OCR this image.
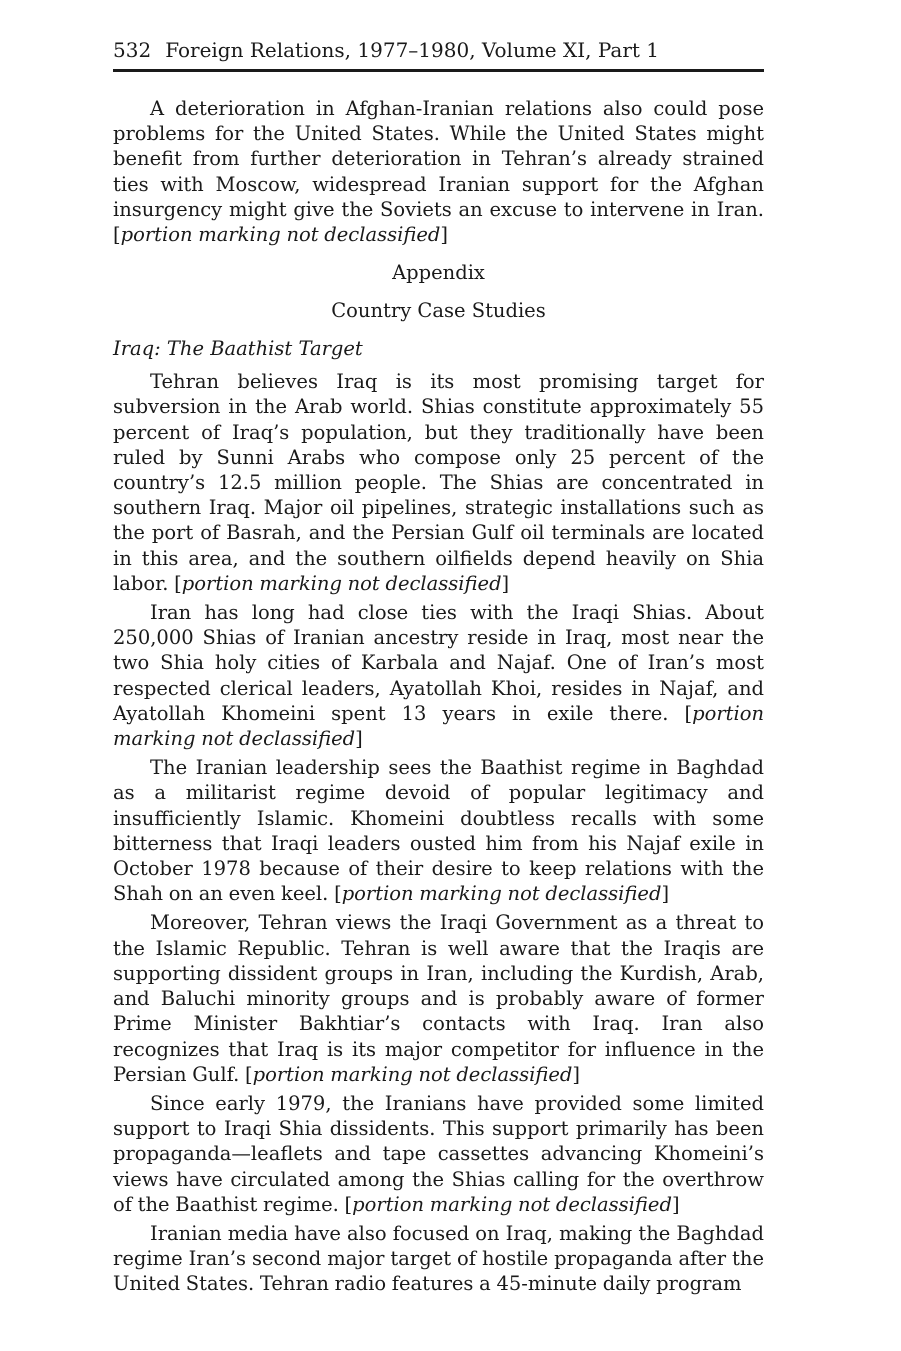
532 Foreign Relations, 1977–1980, Volume XI, Part 1

A deterioration in Afghan-Iranian relations also could pose problems for the United States. While the United States might benefit from further deterioration in Tehran’s already strained ties with Moscow, widespread Iranian support for the Afghan insurgency might give the Soviets an excuse to intervene in Iran. [portion marking not declassified]

Appendix
Country Case Studies
Iraq: The Baathist Target

Tehran believes Iraq is its most promising target for subversion in the Arab world. Shias constitute approximately 55 percent of Iraq’s population, but they traditionally have been ruled by Sunni Arabs who compose only 25 percent of the country’s 12.5 million people. The Shias are concentrated in southern Iraq. Major oil pipelines, strategic installations such as the port of Basrah, and the Persian Gulf oil terminals are located in this area, and the southern oilfields depend heavily on Shia labor. [portion marking not declassified]

Iran has long had close ties with the Iraqi Shias. About 250,000 Shias of Iranian ancestry reside in Iraq, most near the two Shia holy cities of Karbala and Najaf. One of Iran’s most respected clerical leaders, Ayatollah Khoi, resides in Najaf, and Ayatollah Khomeini spent 13 years in exile there. [portion marking not declassified]

The Iranian leadership sees the Baathist regime in Baghdad as a militarist regime devoid of popular legitimacy and insufficiently Islamic. Khomeini doubtless recalls with some bitterness that Iraqi leaders ousted him from his Najaf exile in October 1978 because of their desire to keep relations with the Shah on an even keel. [portion marking not declassified]

Moreover, Tehran views the Iraqi Government as a threat to the Islamic Republic. Tehran is well aware that the Iraqis are supporting dissident groups in Iran, including the Kurdish, Arab, and Baluchi minority groups and is probably aware of former Prime Minister Bakhtiar’s contacts with Iraq. Iran also recognizes that Iraq is its major competitor for influence in the Persian Gulf. [portion marking not declassified]

Since early 1979, the Iranians have provided some limited support to Iraqi Shia dissidents. This support primarily has been propaganda—leaflets and tape cassettes advancing Khomeini’s views have circulated among the Shias calling for the overthrow of the Baathist regime. [portion marking not declassified]

Iranian media have also focused on Iraq, making the Baghdad regime Iran’s second major target of hostile propaganda after the United States. Tehran radio features a 45-minute daily program
